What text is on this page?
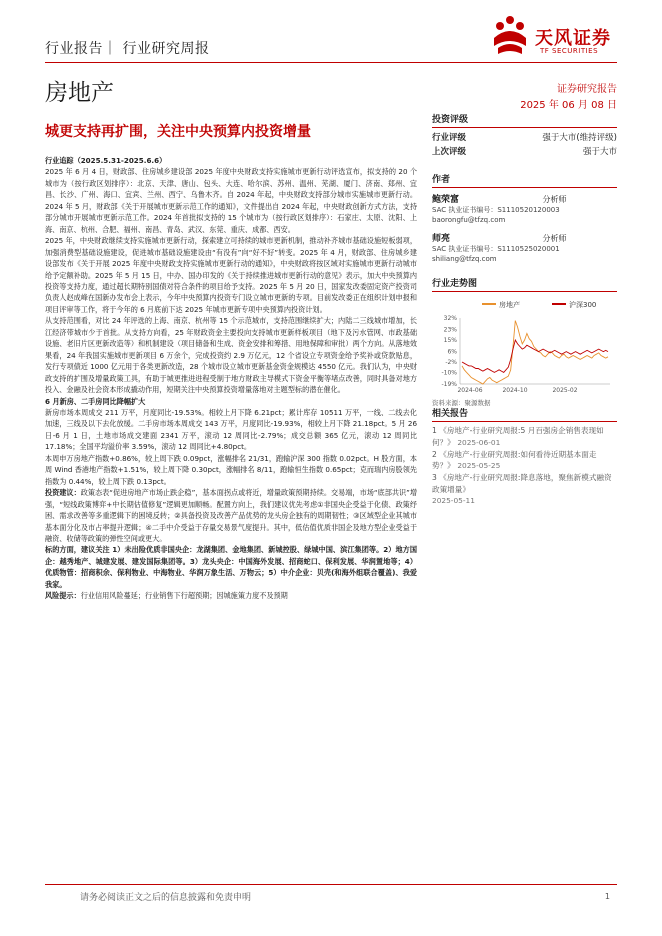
行业报告｜ 行业研究周报	天风证券
TF SECURITIES
房地产	证券研究报告
2025 年 06 月 08 日
城更支持再扩围，关注中央预算内投资增量

行业追踪（2025.5.31-2025.6.6）

2025 年 6 月 4 日，财政部、住房城乡建设部 2025 年度中央财政支持实施城市更新行动评选宣布，拟支持的 20 个城市为（按行政区划排序）：北京、天津、唐山、包头、大连、哈尔滨、苏州、温州、芜湖、厦门、济南、郑州、宜昌、长沙、广州、海口、宜宾、兰州、西宁、乌鲁木齐。自 2024 年起，中央财政支持部分城市实施城市更新行动。2024 年 5 月，财政部《关于开展城市更新示范工作的通知》，文件提出自 2024 年起，中央财政创新方式方法，支持部分城市开展城市更新示范工作。2024 年首批拟支持的 15 个城市为（按行政区划排序）：石家庄、太原、沈阳、上海、南京、杭州、合肥、福州、南昌、青岛、武汉、东莞、重庆、成都、西安。

2025 年，中央财政继续支持实施城市更新行动，探索建立可持续的城市更新机制，推动补齐城市基础设施短板弱项，加强消费型基础设施建设，促进城市基础设施建设由“有没有”向“好不好”转变。2025 年 4 月，财政部、住房城乡建设部发布《关于开展 2025 年度中央财政支持实施城市更新行动的通知》，中央财政将按区域对实施城市更新行动城市给予定额补助。2025 年 5 月 15 日，中办、国办印发的《关于持续推进城市更新行动的意见》表示，加大中央预算内投资等支持力度，通过超长期特别国债对符合条件的项目给予支持。2025 年 5 月 20 日，国家发改委固定资产投资司负责人赵成峰在国新办发布会上表示，今年中央预算内投资专门设立城市更新的专项。目前发改委正在组织计划申报和项目评审等工作，将于今年的 6 月底前下达 2025 年城市更新专项中央预算内投资计划。

从支持范围看，对比 24 年评选的上海、南京、杭州等 15 个示范城市，支持范围继续扩大；内陆二三线城市增加，长江经济带城市少于首批。从支持方向看，25 年财政资金主要投向支持城市更新样板项目（地下及污水管网、市政基础设施、老旧片区更新改造等）和机制建设（项目储备和生成、资金安排和筹措、用地保障和审批）两个方向。从落地效果看，24 年我国实施城市更新项目 6 万余个，完成投资约 2.9 万亿元，12 个省设立专项资金给予奖补或贷款贴息，发行专项债近 1000 亿元用于各类更新改造，28 个城市设立城市更新基金资金规模达 4550 亿元。我们认为，中央财政支持的扩围及增量政策工具，有助于城更推进进程受制于地方财政主导模式下资金平衡等堵点改善，同时具备对地方投入、金融及社会资本形成撬动作用，短期关注中央预算投资增量落地对主题型标的潜在催化。

6 月新房、二手房同比降幅扩大

新房市场本周成交 211 万平，月度同比-19.53%。相较上月下降 6.21pct；累计库存 10511 万平，一线、二线去化加速，三线及以下去化放缓。二手房市场本周成交 143 万平，月度同比-19.93%，相较上月下降 21.18pct。5 月 26 日-6 月 1 日，土地市场成交建面 2341 万平，滚动 12 周同比-2.79%；成交总额 365 亿元，滚动 12 周同比 17.18%；全国平均溢价率 3.59%，滚动 12 周同比+4.80pct。

本周申万房地产指数+0.86%，较上周下跌 0.09pct，涨幅排名 21/31，跑输沪深 300 指数 0.02pct。H 股方面，本周 Wind 香港地产指数+1.51%，较上周下降 0.30pct，涨幅排名 8/11，跑输恒生指数 0.65pct；克而瑞内房股领先指数为 0.44%，较上周下跌 0.13pct。

投资建议：政策态表“促进房地产市场止跌企稳”，基本面拐点或将近，增量政策预期持续。交易端，市场“底部共识”增强，“短线政策博弈+中长期估值修复”逻辑更加顺畅。配置方向上，我们建议优先考虑①非国央企受益于化债、政策纾困、需求改善等多重逻辑下的困境反转；②具备投资及改善产品优势的龙头房企独有的周期韧性；③区域型企业其城市基本面分化及市占率提升逻辑；④二手中介受益于存量交易景气度提升。其中，低估值优质非国企及地方型企业受益于融资、收储等政策的弹性空间或更大。

标的方面，建议关注 1）未出险优质非国央企：龙湖集团、金地集团、新城控股、绿城中国、滨江集团等。2）地方国企：越秀地产、城建发展、建发国际集团等。3）龙头央企：中国海外发展、招商蛇口、保利发展、华润置地等；4）优质物管：招商积余、保利物业、中海物业、华润万象生活、万物云；5）中介企业：贝壳(和海外组联合覆盖)、我爱我家。

风险提示：行业信用风险蔓延；行业销售下行超预期；因城施策力度不及预期

投资评级
行业评级	强于大市(维持评级)
上次评级	强于大市
作者
鲍荣富	分析师
SAC 执业证书编号：S1110520120003
baorongfu@tfzq.com
师亮	分析师
SAC 执业证书编号：S1110525020001
shiliang@tfzq.com
行业走势图
房地产	沪深300
32%
23%
15%
6%
-2%
-10%
-19%
2024-06	2024-10	2025-02
资料来源：聚源数据
相关报告
1 《房地产-行业研究周报:5 月百强房企销售表现如何？》 2025-06-01
2 《房地产-行业研究周报:如何看待近期基本面走势？》 2025-05-25
3 《房地产-行业研究周报:降息落地，聚焦新模式融资政策增量》
2025-05-11
请务必阅读正文之后的信息披露和免责申明	1
